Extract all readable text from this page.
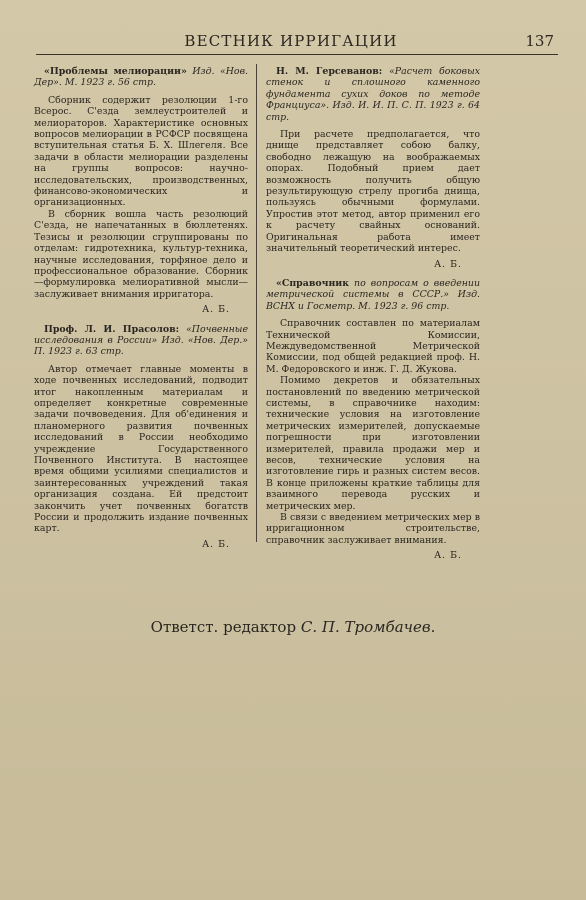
ВЕСТНИК ИРРИГАЦИИ	137

«Проблемы мелиорации» Изд. «Нов. Дер». М. 1923 г. 56 стр.

Сборник содержит резолюции 1-го Всерос. С'езда землеустроителей и мелиораторов. Характеристике основных вопросов мелиорации в РСФСР посвящена вступительная статья Б. Х. Шлегеля. Все задачи в области мелиорации разделены на группы вопросов: научно-исследовательских, производственных, финансово-экономических и организационных.

В сборник вошла часть резолюций С'езда, не напечатанных в бюллетенях. Тезисы и резолюции сгруппированы по отделам: гидротехника, культур-техника, научные исследования, торфяное дело и профессиональное образование. Сборник—формулировка мелиоративной мысли—заслуживает внимания ирригатора.

А. Б.

Проф. Л. И. Прасолов: «Почвенные исследования в России» Изд. «Нов. Дер.» П. 1923 г. 63 стр.

Автор отмечает главные моменты в ходе почвенных исследований, подводит итог накопленным материалам и определяет конкретные современные задачи почвоведения. Для об'единения и планомерного развития почвенных исследований в России необходимо учреждение Государственного Почвенного Института. В настоящее время общими усилиями специалистов и заинтересованных учреждений такая организация создана. Ей предстоит закончить учет почвенных богатств России и продолжить издание почвенных карт.

А. Б.

Н. М. Герсеванов: «Расчет боковых стенок и сплошного каменного фундамента сухих доков по методе Франциуса». Изд. И. И. П. С. П. 1923 г. 64 стр.

При расчете предполагается, что днище представляет собою балку, свободно лежащую на воображаемых опорах. Подобный прием дает возможность получить общую результирующую стрелу прогиба днища, пользуясь обычными формулами. Упростив этот метод, автор применил его к расчету свайных оснований. Оригинальная работа имеет значительный теоретический интерес.

А. Б.

«Справочник по вопросам о введении метрической системы в СССР.» Изд. ВСНХ и Госметр. М. 1923 г. 96 стр.

Справочник составлен по материалам Технической Комиссии, Междуведомственной Метрической Комиссии, под общей редакцией проф. Н. М. Федоровского и инж. Г. Д. Жукова.

Помимо декретов и обязательных постановлений по введению метрической системы, в справочнике находим: технические условия на изготовление метрических измерителей, допускаемые погрешности при изготовлении измерителей, правила продажи мер и весов, технические условия на изготовление гирь и разных систем весов. В конце приложены краткие таблицы для взаимного перевода русских и метрических мер.

В связи с введением метрических мер в ирригационном строительстве, справочник заслуживает внимания.

А. Б.
Ответст. редактор С. П. Тромбачев.
